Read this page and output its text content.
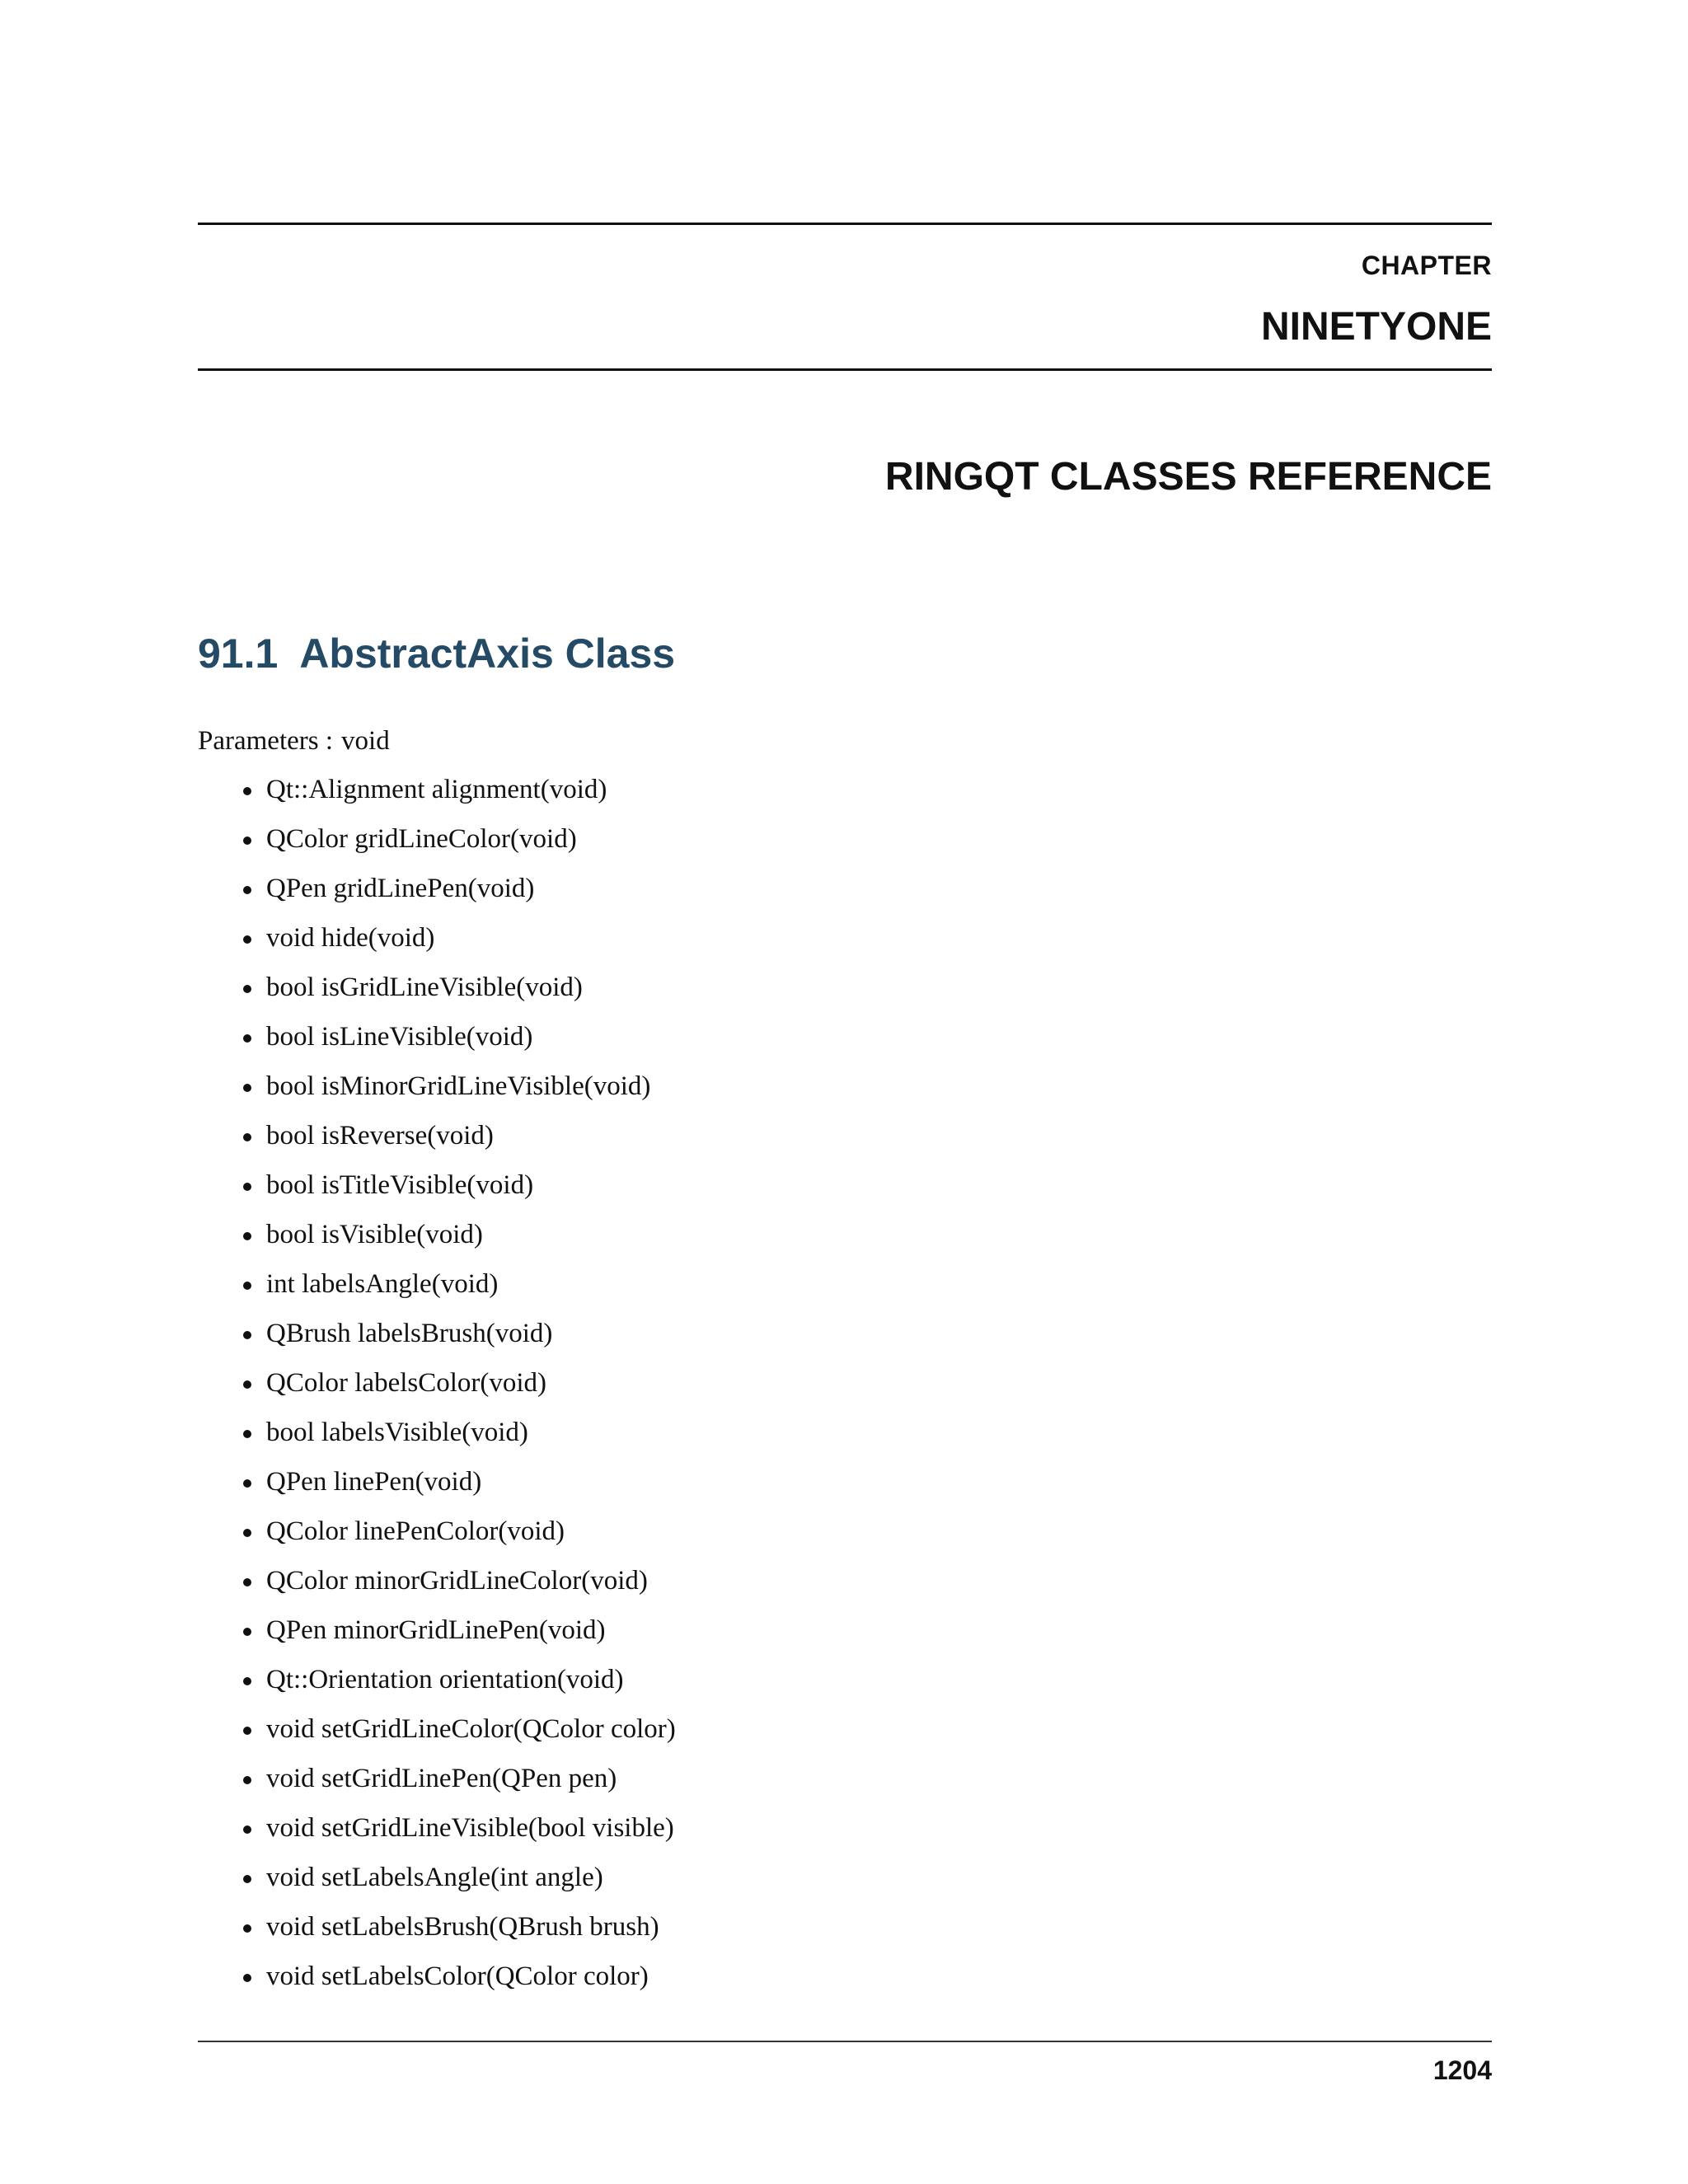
CHAPTER
NINETYONE
RINGQT CLASSES REFERENCE
91.1 AbstractAxis Class
Parameters : void
Qt::Alignment alignment(void)
QColor gridLineColor(void)
QPen gridLinePen(void)
void hide(void)
bool isGridLineVisible(void)
bool isLineVisible(void)
bool isMinorGridLineVisible(void)
bool isReverse(void)
bool isTitleVisible(void)
bool isVisible(void)
int labelsAngle(void)
QBrush labelsBrush(void)
QColor labelsColor(void)
bool labelsVisible(void)
QPen linePen(void)
QColor linePenColor(void)
QColor minorGridLineColor(void)
QPen minorGridLinePen(void)
Qt::Orientation orientation(void)
void setGridLineColor(QColor color)
void setGridLinePen(QPen pen)
void setGridLineVisible(bool visible)
void setLabelsAngle(int angle)
void setLabelsBrush(QBrush brush)
void setLabelsColor(QColor color)
1204
